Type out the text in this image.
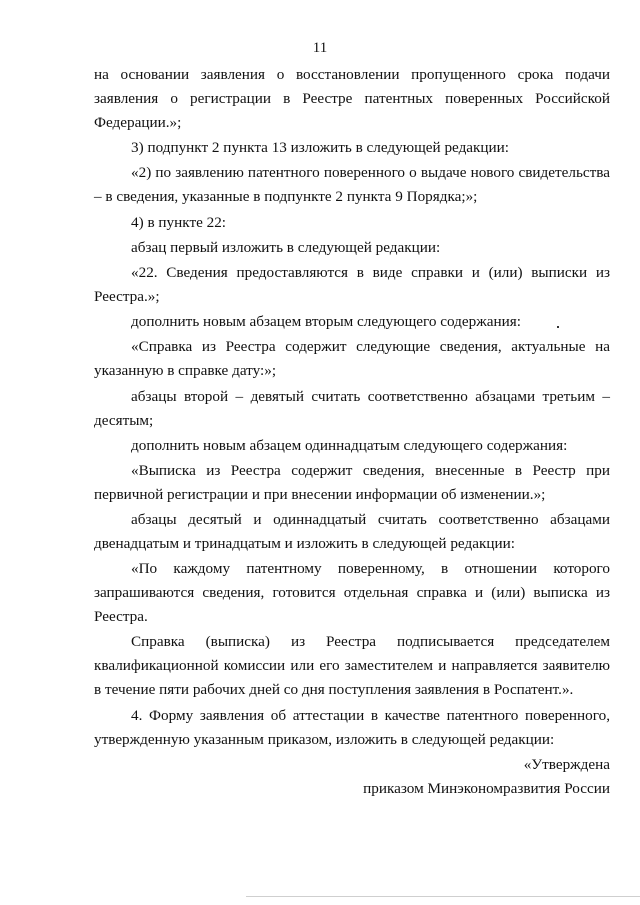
11

на основании заявления о восстановлении пропущенного срока подачи заявления о регистрации в Реестре патентных поверенных Российской Федерации.»;

3) подпункт 2 пункта 13 изложить в следующей редакции:

«2) по заявлению патентного поверенного о выдаче нового свидетельства – в сведения, указанные в подпункте 2 пункта 9 Порядка;»;

4) в пункте 22:

абзац первый изложить в следующей редакции:

«22. Сведения предоставляются в виде справки и (или) выписки из Реестра.»;

дополнить новым абзацем вторым следующего содержания:

«Справка из Реестра содержит следующие сведения, актуальные на указанную в справке дату:»;

абзацы второй – девятый считать соответственно абзацами третьим – десятым;

дополнить новым абзацем одиннадцатым следующего содержания:

«Выписка из Реестра содержит сведения, внесенные в Реестр при первичной регистрации и при внесении информации об изменении.»;

абзацы десятый и одиннадцатый считать соответственно абзацами двенадцатым и тринадцатым и изложить в следующей редакции:

«По каждому патентному поверенному, в отношении которого запрашиваются сведения, готовится отдельная справка и (или) выписка из Реестра.

Справка (выписка) из Реестра подписывается председателем квалификационной комиссии или его заместителем и направляется заявителю в течение пяти рабочих дней со дня поступления заявления в Роспатент.».

4. Форму заявления об аттестации в качестве патентного поверенного, утвержденную указанным приказом, изложить в следующей редакции:

«Утверждена
приказом Минэкономразвития России
